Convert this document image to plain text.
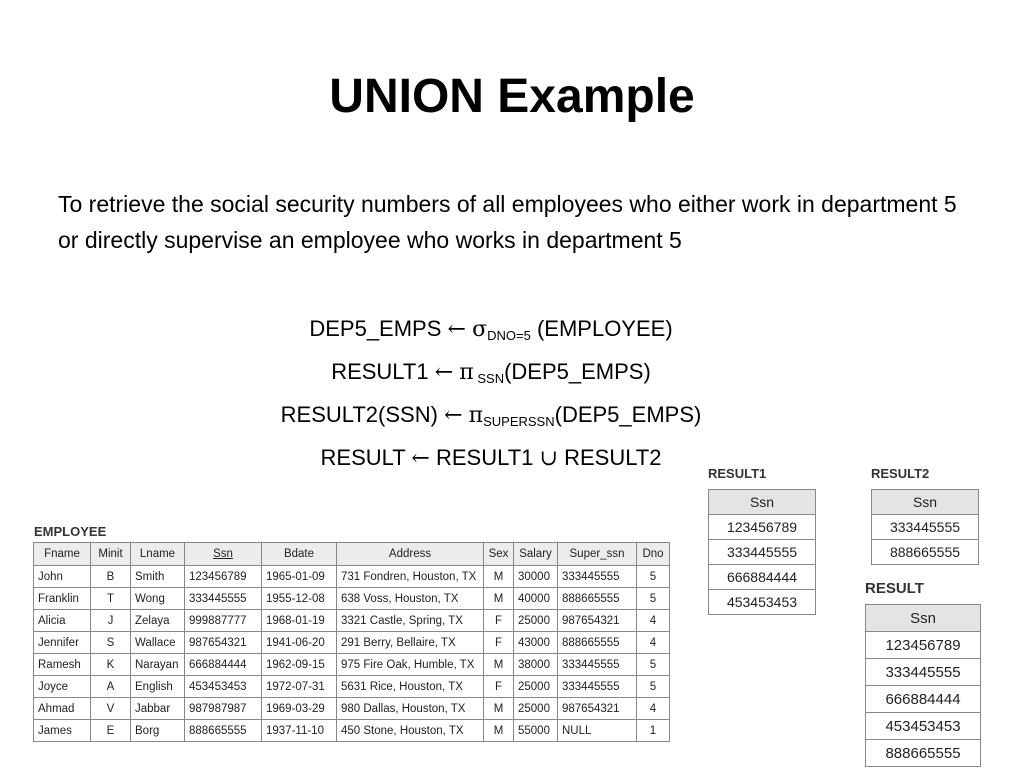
UNION Example
To retrieve the social security numbers of all employees who either work in department 5 or directly supervise an employee who works in department 5
DEP5_EMPS ← $\sigma_{DNO=5}$ (EMPLOYEE)
RESULT1 ← π $_{SSN}$(DEP5_EMPS)
RESULT2(SSN) ← $\pi_{SUPERSSN}(DEP5\_EMPS)$
RESULT ← RESULT1 ∪ RESULT2
EMPLOYEE
Fname	Minit	Lname	Ssn	Bdate	Address	Sex	Salary	Super_ssn	Dno
John	B	Smith	123456789	1965-01-09	731 Fondren, Houston, TX	M	30000	333445555	5
Franklin	T	Wong	333445555	1955-12-08	638 Voss, Houston, TX	M	40000	888665555	5
Alicia	J	Zelaya	999887777	1968-01-19	3321 Castle, Spring, TX	F	25000	987654321	4
Jennifer	S	Wallace	987654321	1941-06-20	291 Berry, Bellaire, TX	F	43000	888665555	4
Ramesh	K	Narayan	666884444	1962-09-15	975 Fire Oak, Humble, TX	M	38000	333445555	5
Joyce	A	English	453453453	1972-07-31	5631 Rice, Houston, TX	F	25000	333445555	5
Ahmad	V	Jabbar	987987987	1969-03-29	980 Dallas, Houston, TX	M	25000	987654321	4
James	E	Borg	888665555	1937-11-10	450 Stone, Houston, TX	M	55000	NULL	1
RESULT1
Ssn
123456789
333445555
666884444
453453453
RESULT2
Ssn
333445555
888665555
RESULT
Ssn
123456789
333445555
666884444
453453453
888665555
